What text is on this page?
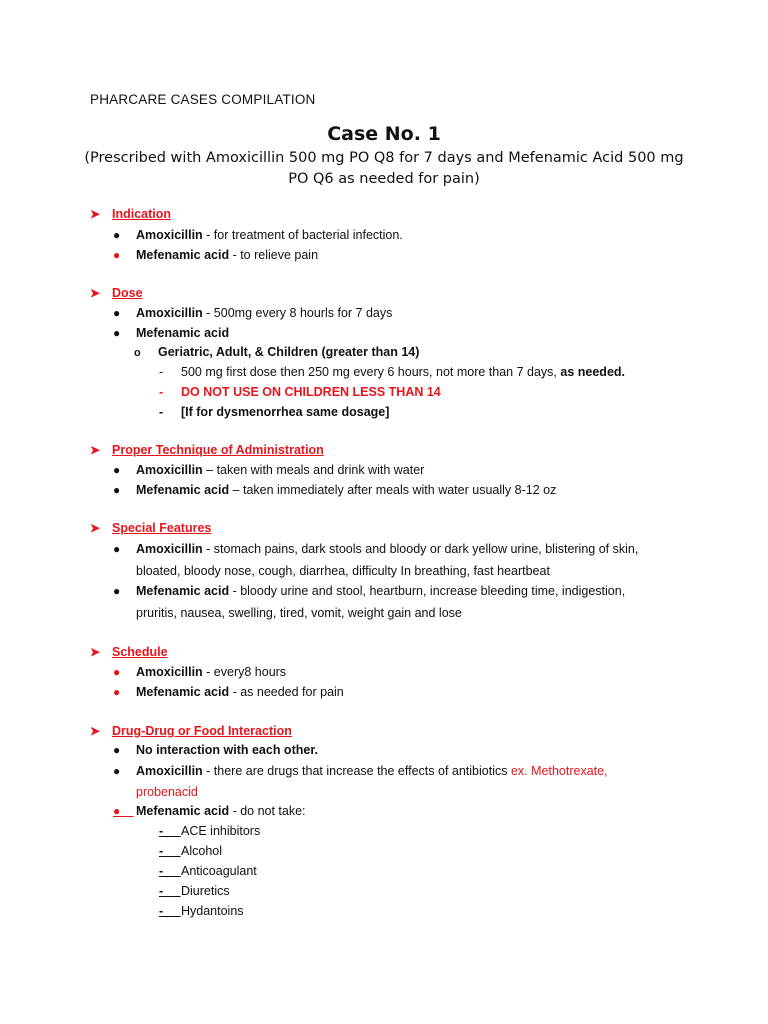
PHARCARE CASES COMPILATION
Case No. 1
(Prescribed with Amoxicillin 500 mg PO Q8 for 7 days and Mefenamic Acid 500 mg PO Q6 as needed for pain)
➤ Indication
● Amoxicillin - for treatment of bacterial infection.
● Mefenamic acid - to relieve pain
➤ Dose
● Amoxicillin - 500mg every 8 hourls for 7 days
● Mefenamic acid
o Geriatric, Adult, & Children (greater than 14)
- 500 mg first dose then 250 mg every 6 hours, not more than 7 days, as needed.
- DO NOT USE ON CHILDREN LESS THAN 14
- [If for dysmenorrhea same dosage]
➤ Proper Technique of Administration
● Amoxicillin – taken with meals and drink with water
● Mefenamic acid – taken immediately after meals with water usually 8-12 oz
➤ Special Features
● Amoxicillin - stomach pains, dark stools and bloody or dark yellow urine, blistering of skin,
bloated, bloody nose, cough, diarrhea, difficulty In breathing, fast heartbeat
● Mefenamic acid - bloody urine and stool, heartburn, increase bleeding time, indigestion,
pruritis, nausea, swelling, tired, vomit, weight gain and lose
➤ Schedule
● Amoxicillin - every8 hours
● Mefenamic acid - as needed for pain
➤ Drug-Drug or Food Interaction
● No interaction with each other.
● Amoxicillin - there are drugs that increase the effects of antibiotics ex. Methotrexate,
probenacid
●    Mefenamic acid - do not take:
-     ACE inhibitors
-     Alcohol
-     Anticoagulant
-     Diuretics
-     Hydantoins
